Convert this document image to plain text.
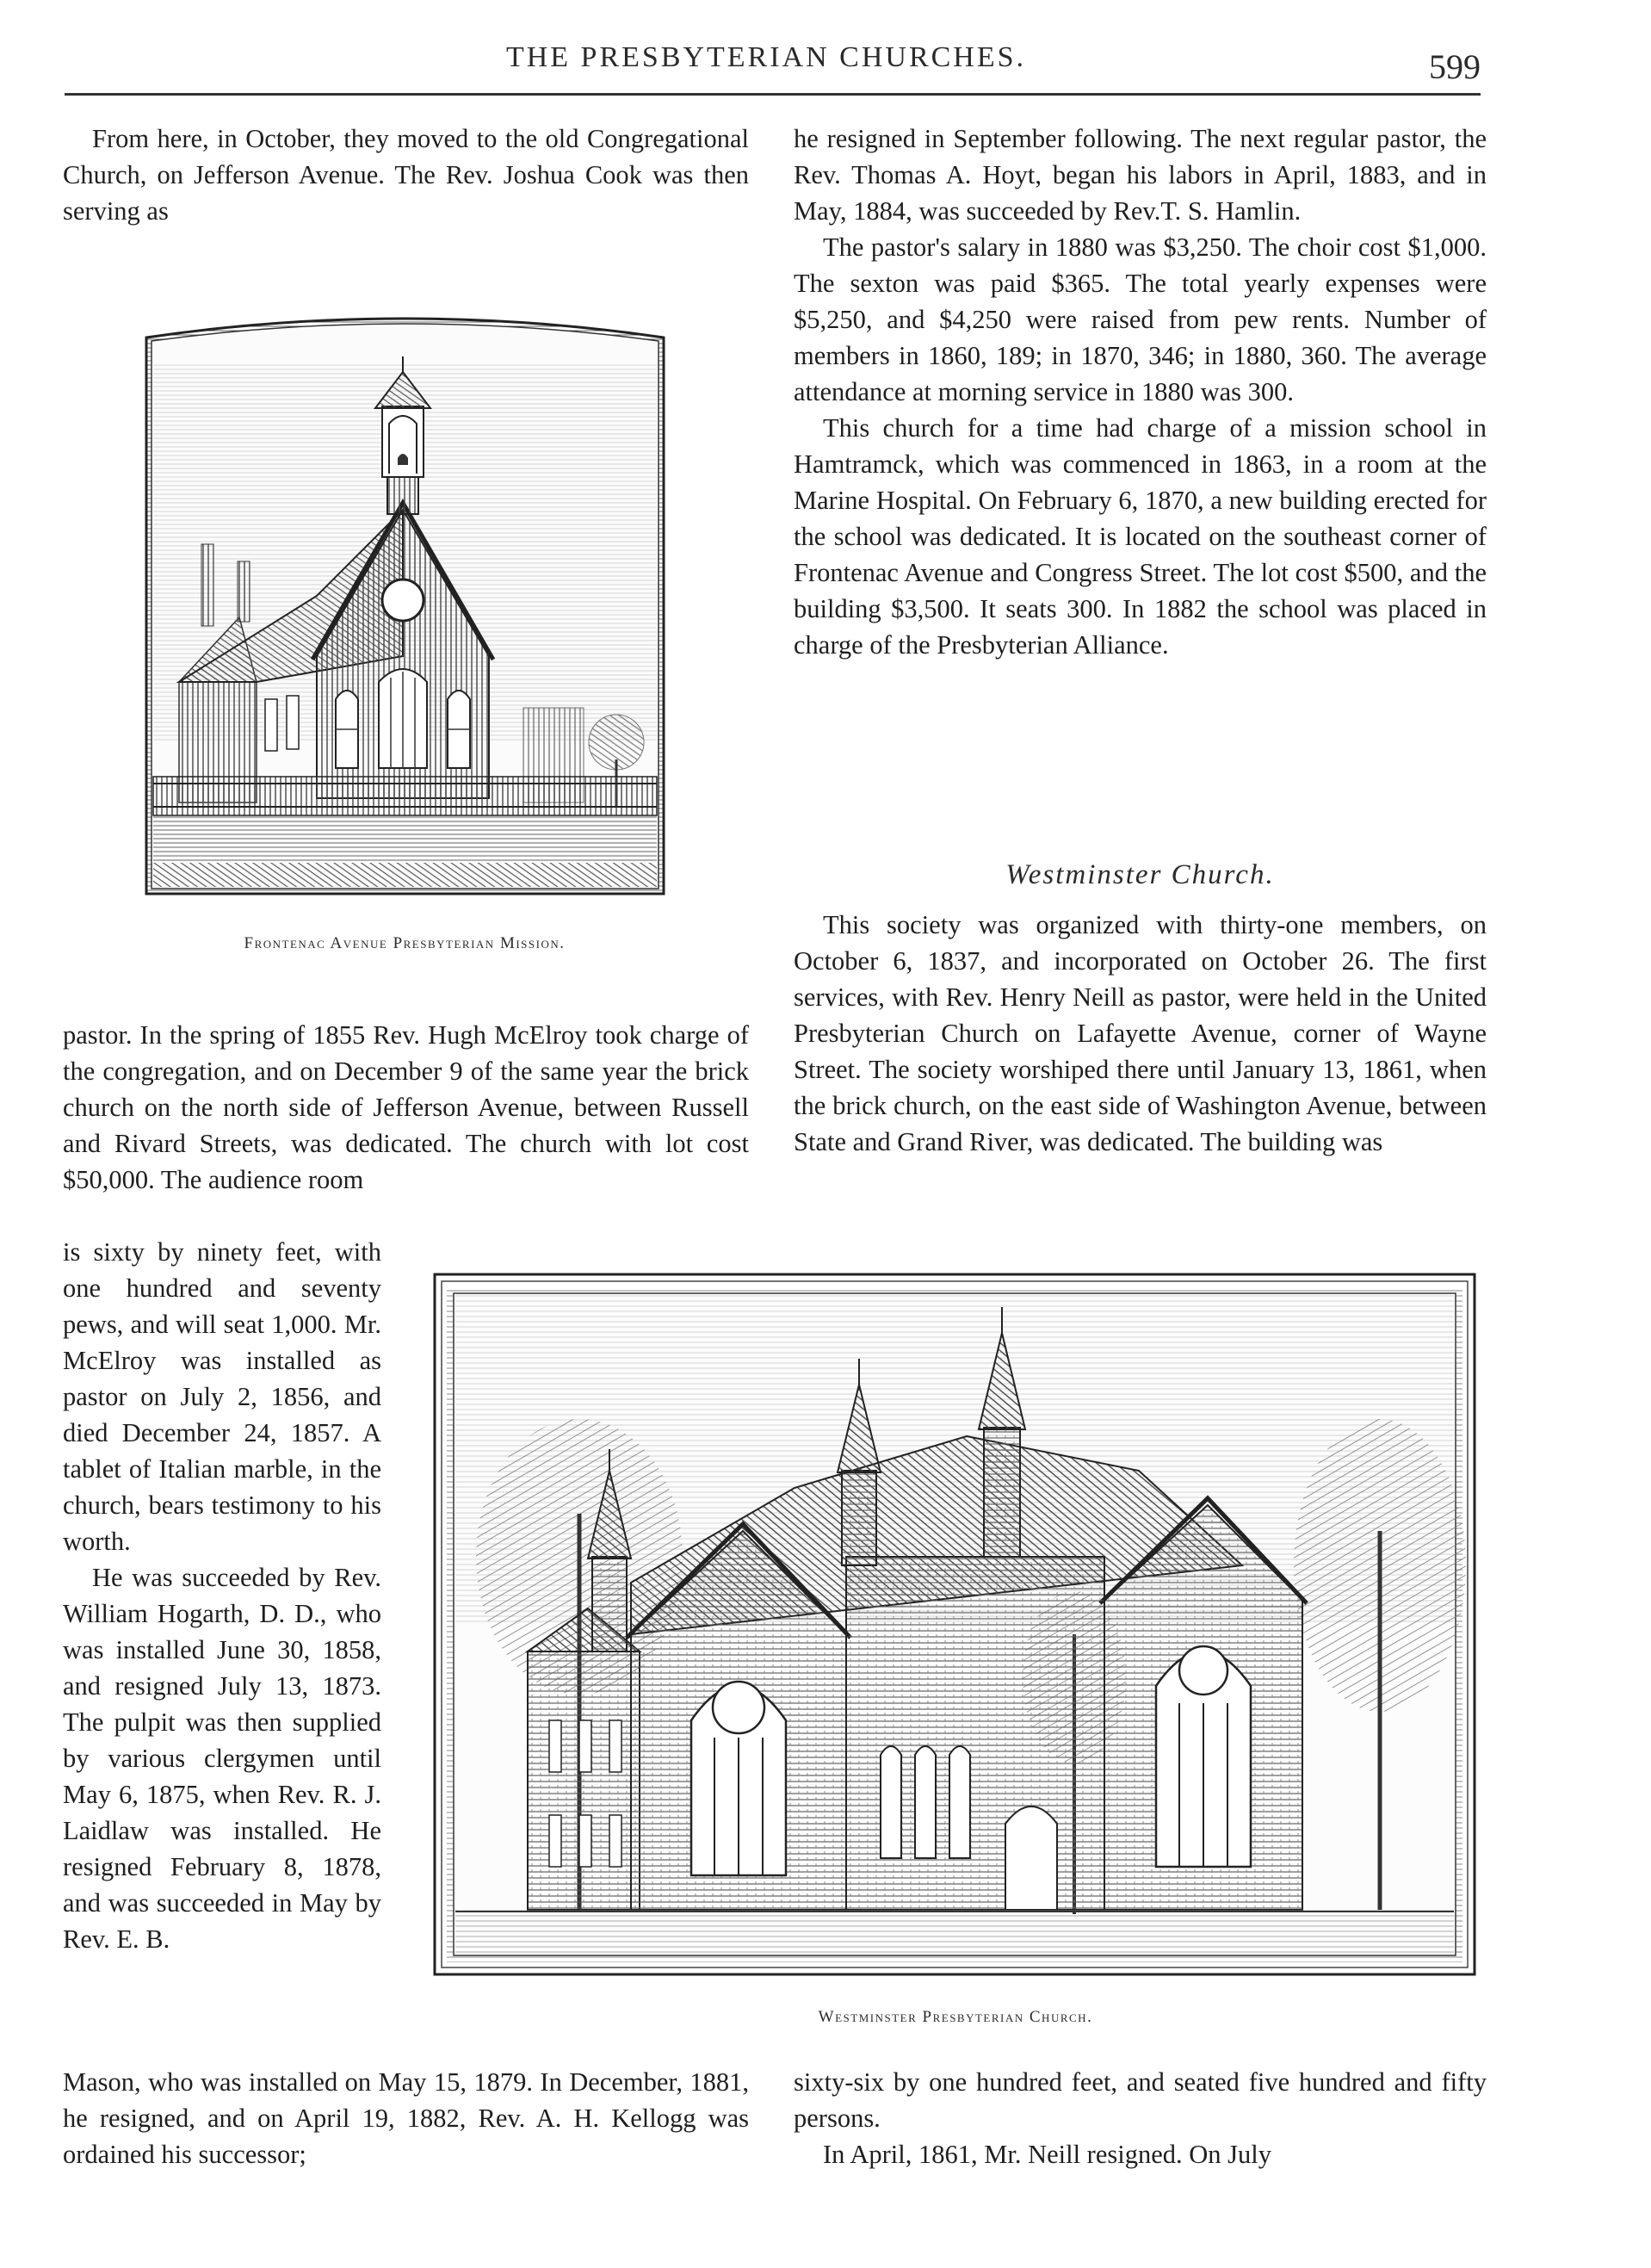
THE PRESBYTERIAN CHURCHES.	599

From here, in October, they moved to the old Congregational Church, on Jefferson Avenue. The Rev. Joshua Cook was then serving as

Frontenac Avenue Presbyterian Mission.

pastor. In the spring of 1855 Rev. Hugh McElroy took charge of the congregation, and on December 9 of the same year the brick church on the north side of Jefferson Avenue, between Russell and Rivard Streets, was dedicated. The church with lot cost $50,000. The audience room

is sixty by ninety feet, with one hundred and seventy pews, and will seat 1,000. Mr. McElroy was installed as pastor on July 2, 1856, and died December 24, 1857. A tablet of Italian marble, in the church, bears testimony to his worth.

He was succeeded by Rev. William Hogarth, D. D., who was installed June 30, 1858, and resigned July 13, 1873. The pulpit was then supplied by various clergymen until May 6, 1875, when Rev. R. J. Laidlaw was installed. He resigned February 8, 1878, and was succeeded in May by Rev. E. B.

Mason, who was installed on May 15, 1879. In December, 1881, he resigned, and on April 19, 1882, Rev. A. H. Kellogg was ordained his successor;

he resigned in September following. The next regular pastor, the Rev. Thomas A. Hoyt, began his labors in April, 1883, and in May, 1884, was succeeded by Rev.T. S. Hamlin.

The pastor's salary in 1880 was $3,250. The choir cost $1,000. The sexton was paid $365. The total yearly expenses were $5,250, and $4,250 were raised from pew rents. Number of members in 1860, 189; in 1870, 346; in 1880, 360. The average attendance at morning service in 1880 was 300.

This church for a time had charge of a mission school in Hamtramck, which was commenced in 1863, in a room at the Marine Hospital. On February 6, 1870, a new building erected for the school was dedicated. It is located on the southeast corner of Frontenac Avenue and Congress Street. The lot cost $500, and the building $3,500. It seats 300. In 1882 the school was placed in charge of the Presbyterian Alliance.

Westminster Church.

This society was organized with thirty-one members, on October 6, 1837, and incorporated on October 26. The first services, with Rev. Henry Neill as pastor, were held in the United Presbyterian Church on Lafayette Avenue, corner of Wayne Street. The society worshiped there until January 13, 1861, when the brick church, on the east side of Washington Avenue, between State and Grand River, was dedicated. The building was

Westminster Presbyterian Church.

sixty-six by one hundred feet, and seated five hundred and fifty persons.

In April, 1861, Mr. Neill resigned. On July
